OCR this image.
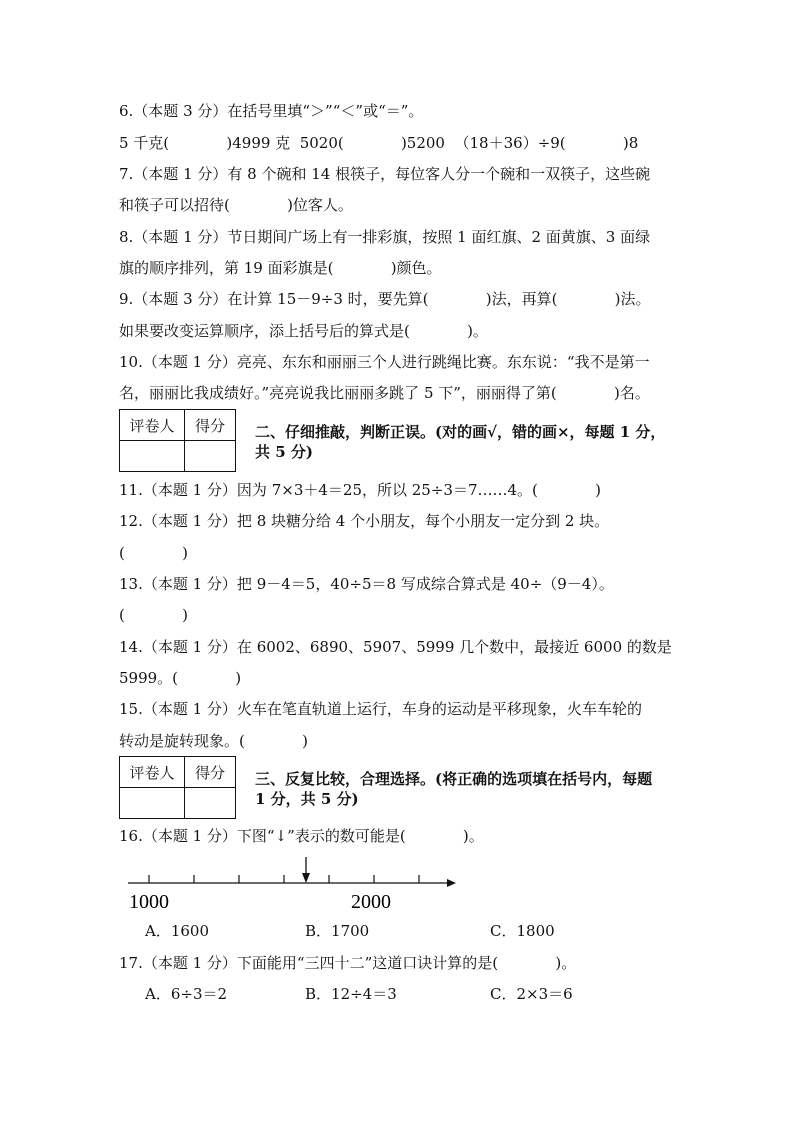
6.（本题 3 分）在括号里填“＞”“＜”或“＝”。
5 千克(            )4999 克  5020(            )5200  （18＋36）÷9(            )8
7.（本题 1 分）有 8 个碗和 14 根筷子，每位客人分一个碗和一双筷子，这些碗
和筷子可以招待(            )位客人。
8.（本题 1 分）节日期间广场上有一排彩旗，按照 1 面红旗、2 面黄旗、3 面绿
旗的顺序排列，第 19 面彩旗是(            )颜色。
9.（本题 3 分）在计算 15－9÷3 时，要先算(            )法，再算(            )法。
如果要改变运算顺序，添上括号后的算式是(            )。
10.（本题 1 分）亮亮、东东和丽丽三个人进行跳绳比赛。东东说：“我不是第一
名，丽丽比我成绩好。”亮亮说我比丽丽多跳了 5 下”，丽丽得了第(            )名。
评卷人	得分
	二、仔细推敲，判断正误。(对的画√，错的画×，每题 1 分，
共 5 分)
11.（本题 1 分）因为 7×3＋4＝25，所以 25÷3＝7……4。(            )
12.（本题 1 分）把 8 块糖分给 4 个小朋友，每个小朋友一定分到 2 块。
(            )
13.（本题 1 分）把 9－4＝5，40÷5＝8 写成综合算式是 40÷（9－4）。
(            )
14.（本题 1 分）在 6002、6890、5907、5999 几个数中，最接近 6000 的数是
5999。(            )
15.（本题 1 分）火车在笔直轨道上运行，车身的运动是平移现象，火车车轮的
转动是旋转现象。(            )
评卷人	得分
	三、反复比较，合理选择。(将正确的选项填在括号内，每题
1 分，共 5 分)
16.（本题 1 分）下图“↓”表示的数可能是(            )。
1000	2000
A．1600	B．1700	C．1800
17.（本题 1 分）下面能用“三四十二”这道口诀计算的是(            )。
A．6÷3＝2	B．12÷4＝3	C．2×3＝6
